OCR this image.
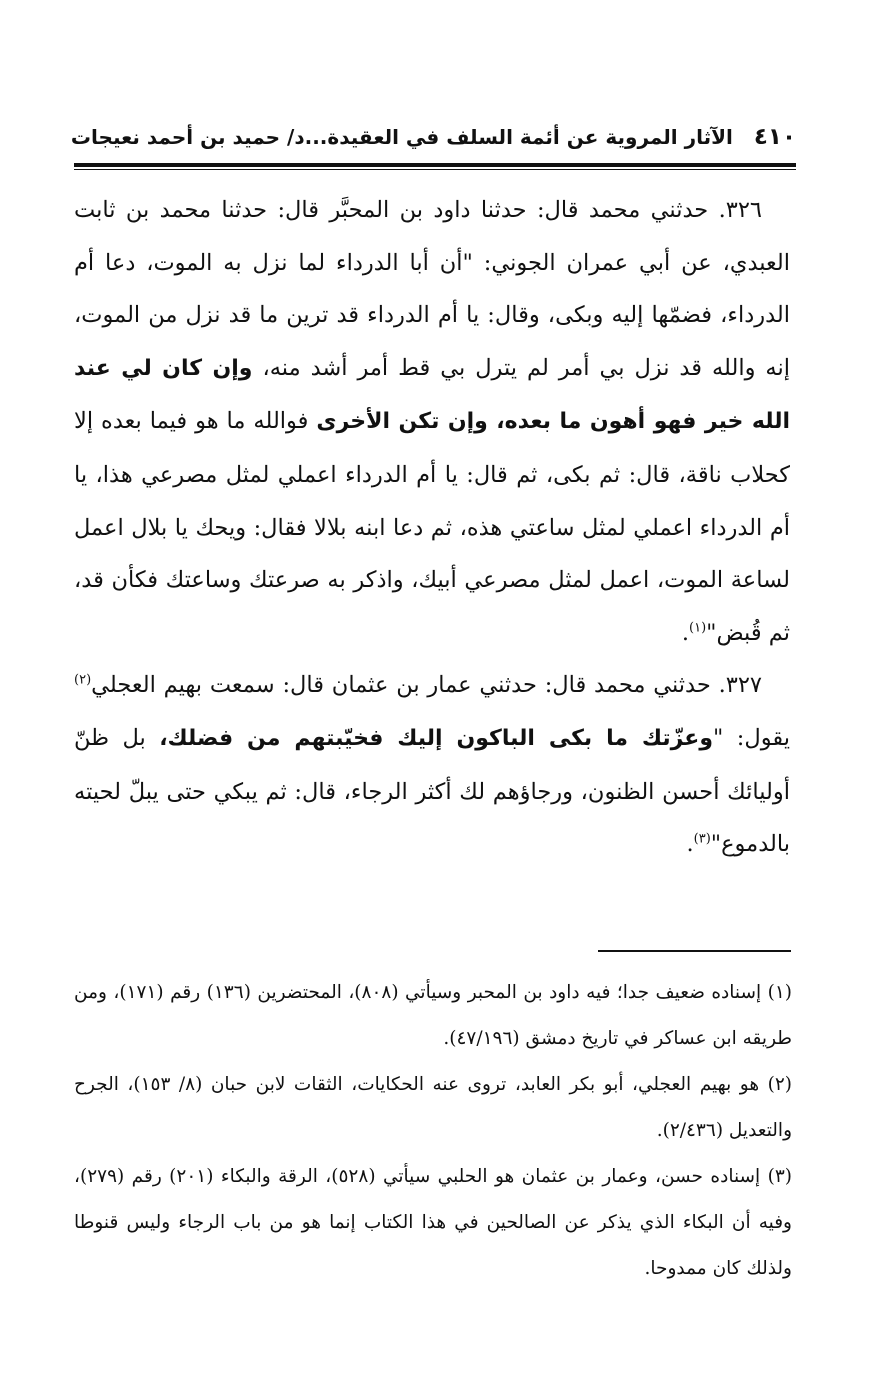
٤١٠ الآثار المروية عن أئمة السلف في العقيدة...د/ حميد بن أحمد نعيجات

٣٢٦. حدثني محمد قال: حدثنا داود بن المحبَّر قال: حدثنا محمد بن ثابت العبدي، عن أبي عمران الجوني: "أن أبا الدرداء لما نزل به الموت، دعا أم الدرداء، فضمّها إليه وبكى، وقال: يا أم الدرداء قد ترين ما قد نزل من الموت، إنه والله قد نزل بي أمر لم يترل بي قط أمر أشد منه، وإن كان لي عند الله خير فهو أهون ما بعده، وإن تكن الأخرى فوالله ما هو فيما بعده إلا كحلاب ناقة، قال: ثم بكى، ثم قال: يا أم الدرداء اعملي لمثل مصرعي هذا، يا أم الدرداء اعملي لمثل ساعتي هذه، ثم دعا ابنه بلالا فقال: ويحك يا بلال اعمل لساعة الموت، اعمل لمثل مصرعي أبيك، واذكر به صرعتك وساعتك فكأن قد، ثم قُبض"$^{(١)}$.

٣٢٧. حدثني محمد قال: حدثني عمار بن عثمان قال: سمعت بهيم العجلي$^{(٢)}$ يقول: "وعزّتك ما بكى الباكون إليك فخيّبتهم من فضلك، بل ظنّ أوليائك أحسن الظنون، ورجاؤهم لك أكثر الرجاء، قال: ثم يبكي حتى يبلّ لحيته بالدموع"$^{(٣)}$.

(١) إسناده ضعيف جدا؛ فيه داود بن المحبر وسيأتي (٨٠٨)، المحتضرين (١٣٦) رقم (١٧١)، ومن طريقه ابن عساكر في تاريخ دمشق (٤٧/١٩٦).

(٢) هو بهيم العجلي، أبو بكر العابد، تروى عنه الحكايات، الثقات لابن حبان (٨/ ١٥٣)، الجرح والتعديل (٢/٤٣٦).

(٣) إسناده حسن، وعمار بن عثمان هو الحلبي سيأتي (٥٢٨)، الرقة والبكاء (٢٠١) رقم (٢٧٩)، وفيه أن البكاء الذي يذكر عن الصالحين في هذا الكتاب إنما هو من باب الرجاء وليس قنوطا ولذلك كان ممدوحا.
